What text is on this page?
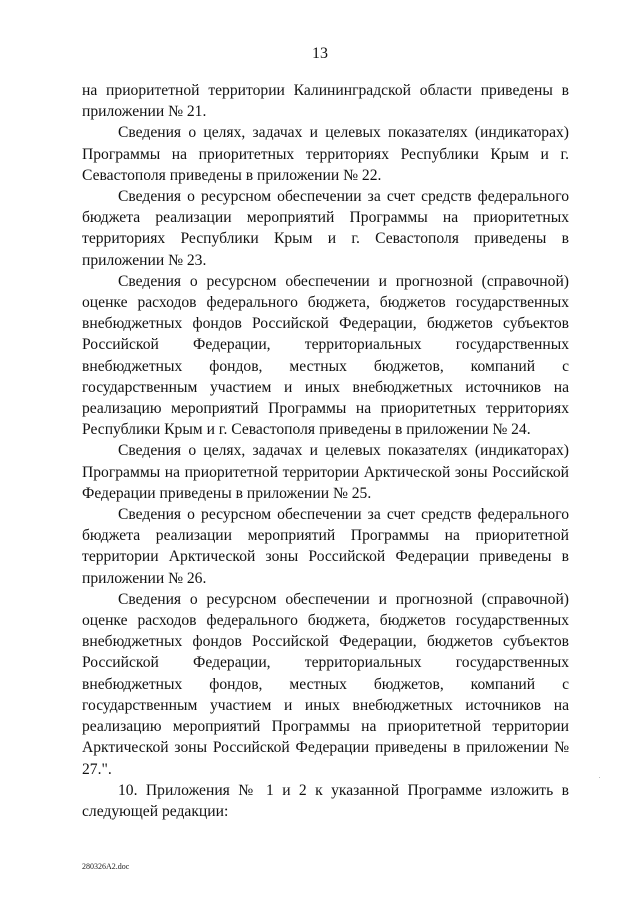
13

на приоритетной территории Калининградской области приведены в приложении № 21.

Сведения о целях, задачах и целевых показателях (индикаторах) Программы на приоритетных территориях Республики Крым и г. Севастополя приведены в приложении № 22.

Сведения о ресурсном обеспечении за счет средств федерального бюджета реализации мероприятий Программы на приоритетных территориях Республики Крым и г. Севастополя приведены в приложении № 23.

Сведения о ресурсном обеспечении и прогнозной (справочной) оценке расходов федерального бюджета, бюджетов государственных внебюджетных фондов Российской Федерации, бюджетов субъектов Российской Федерации, территориальных государственных внебюджетных фондов, местных бюджетов, компаний с государственным участием и иных внебюджетных источников на реализацию мероприятий Программы на приоритетных территориях Республики Крым и г. Севастополя приведены в приложении № 24.

Сведения о целях, задачах и целевых показателях (индикаторах) Программы на приоритетной территории Арктической зоны Российской Федерации приведены в приложении № 25.

Сведения о ресурсном обеспечении за счет средств федерального бюджета реализации мероприятий Программы на приоритетной территории Арктической зоны Российской Федерации приведены в приложении № 26.

Сведения о ресурсном обеспечении и прогнозной (справочной) оценке расходов федерального бюджета, бюджетов государственных внебюджетных фондов Российской Федерации, бюджетов субъектов Российской Федерации, территориальных государственных внебюджетных фондов, местных бюджетов, компаний с государственным участием и иных внебюджетных источников на реализацию мероприятий Программы на приоритетной территории Арктической зоны Российской Федерации приведены в приложении № 27.".

10. Приложения № 1 и 2 к указанной Программе изложить в следующей редакции:

280326A2.doc
